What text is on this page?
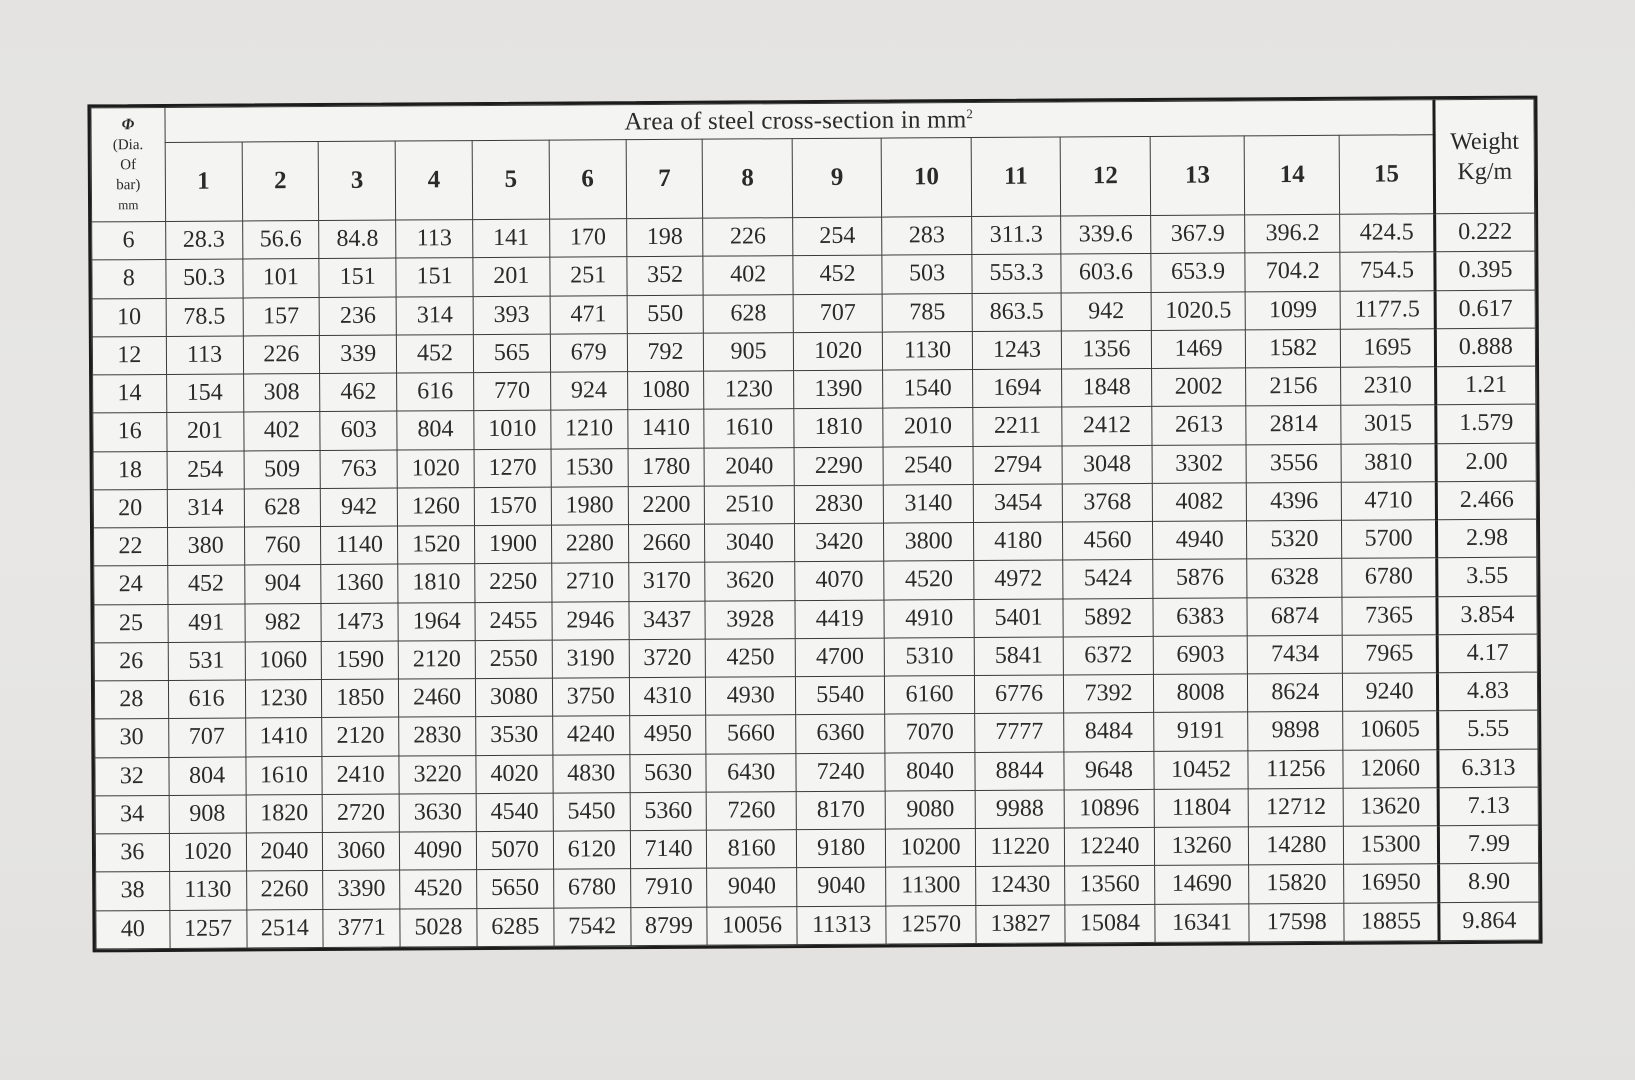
Φ
(Dia.
Of
bar)
mm	Area of steel cross-section in $mm^2$															Weight
Kg/m
	1	2	3	4	5	6	7	8	9	10	11	12	13	14	15	
6	28.3	56.6	84.8	113	141	170	198	226	254	283	311.3	339.6	367.9	396.2	424.5	0.222
8	50.3	101	151	151	201	251	352	402	452	503	553.3	603.6	653.9	704.2	754.5	0.395
10	78.5	157	236	314	393	471	550	628	707	785	863.5	942	1020.5	1099	1177.5	0.617
12	113	226	339	452	565	679	792	905	1020	1130	1243	1356	1469	1582	1695	0.888
14	154	308	462	616	770	924	1080	1230	1390	1540	1694	1848	2002	2156	2310	1.21
16	201	402	603	804	1010	1210	1410	1610	1810	2010	2211	2412	2613	2814	3015	1.579
18	254	509	763	1020	1270	1530	1780	2040	2290	2540	2794	3048	3302	3556	3810	2.00
20	314	628	942	1260	1570	1980	2200	2510	2830	3140	3454	3768	4082	4396	4710	2.466
22	380	760	1140	1520	1900	2280	2660	3040	3420	3800	4180	4560	4940	5320	5700	2.98
24	452	904	1360	1810	2250	2710	3170	3620	4070	4520	4972	5424	5876	6328	6780	3.55
25	491	982	1473	1964	2455	2946	3437	3928	4419	4910	5401	5892	6383	6874	7365	3.854
26	531	1060	1590	2120	2550	3190	3720	4250	4700	5310	5841	6372	6903	7434	7965	4.17
28	616	1230	1850	2460	3080	3750	4310	4930	5540	6160	6776	7392	8008	8624	9240	4.83
30	707	1410	2120	2830	3530	4240	4950	5660	6360	7070	7777	8484	9191	9898	10605	5.55
32	804	1610	2410	3220	4020	4830	5630	6430	7240	8040	8844	9648	10452	11256	12060	6.313
34	908	1820	2720	3630	4540	5450	5360	7260	8170	9080	9988	10896	11804	12712	13620	7.13
36	1020	2040	3060	4090	5070	6120	7140	8160	9180	10200	11220	12240	13260	14280	15300	7.99
38	1130	2260	3390	4520	5650	6780	7910	9040	9040	11300	12430	13560	14690	15820	16950	8.90
40	1257	2514	3771	5028	6285	7542	8799	10056	11313	12570	13827	15084	16341	17598	18855	9.864
